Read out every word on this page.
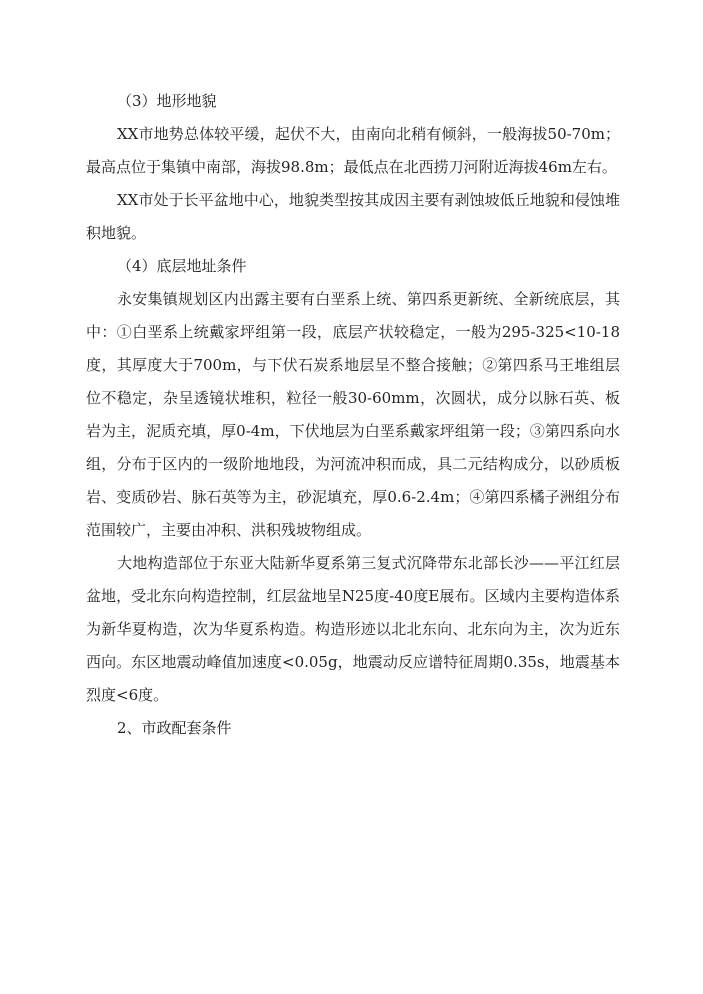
（3）地形地貌

XX市地势总体较平缓，起伏不大，由南向北稍有倾斜，一般海拔50-70m；最高点位于集镇中南部，海拔98.8m；最低点在北西捞刀河附近海拔46m左右。

XX市处于长平盆地中心，地貌类型按其成因主要有剥蚀坡低丘地貌和侵蚀堆积地貌。

（4）底层地址条件

永安集镇规划区内出露主要有白垩系上统、第四系更新统、全新统底层，其中：①白垩系上统戴家坪组第一段，底层产状较稳定，一般为295-325<10-18度，其厚度大于700m，与下伏石炭系地层呈不整合接触；②第四系马王堆组层位不稳定，杂呈透镜状堆积，粒径一般30-60mm，次圆状，成分以脉石英、板岩为主，泥质充填，厚0-4m，下伏地层为白垩系戴家坪组第一段；③第四系向水组，分布于区内的一级阶地地段，为河流冲积而成，具二元结构成分，以砂质板岩、变质砂岩、脉石英等为主，砂泥填充，厚0.6-2.4m；④第四系橘子洲组分布范围较广，主要由冲积、洪积残坡物组成。

大地构造部位于东亚大陆新华夏系第三复式沉降带东北部长沙——平江红层盆地，受北东向构造控制，红层盆地呈N25度-40度E展布。区域内主要构造体系为新华夏构造，次为华夏系构造。构造形迹以北北东向、北东向为主，次为近东西向。东区地震动峰值加速度<0.05g，地震动反应谱特征周期0.35s，地震基本烈度<6度。

2、市政配套条件
